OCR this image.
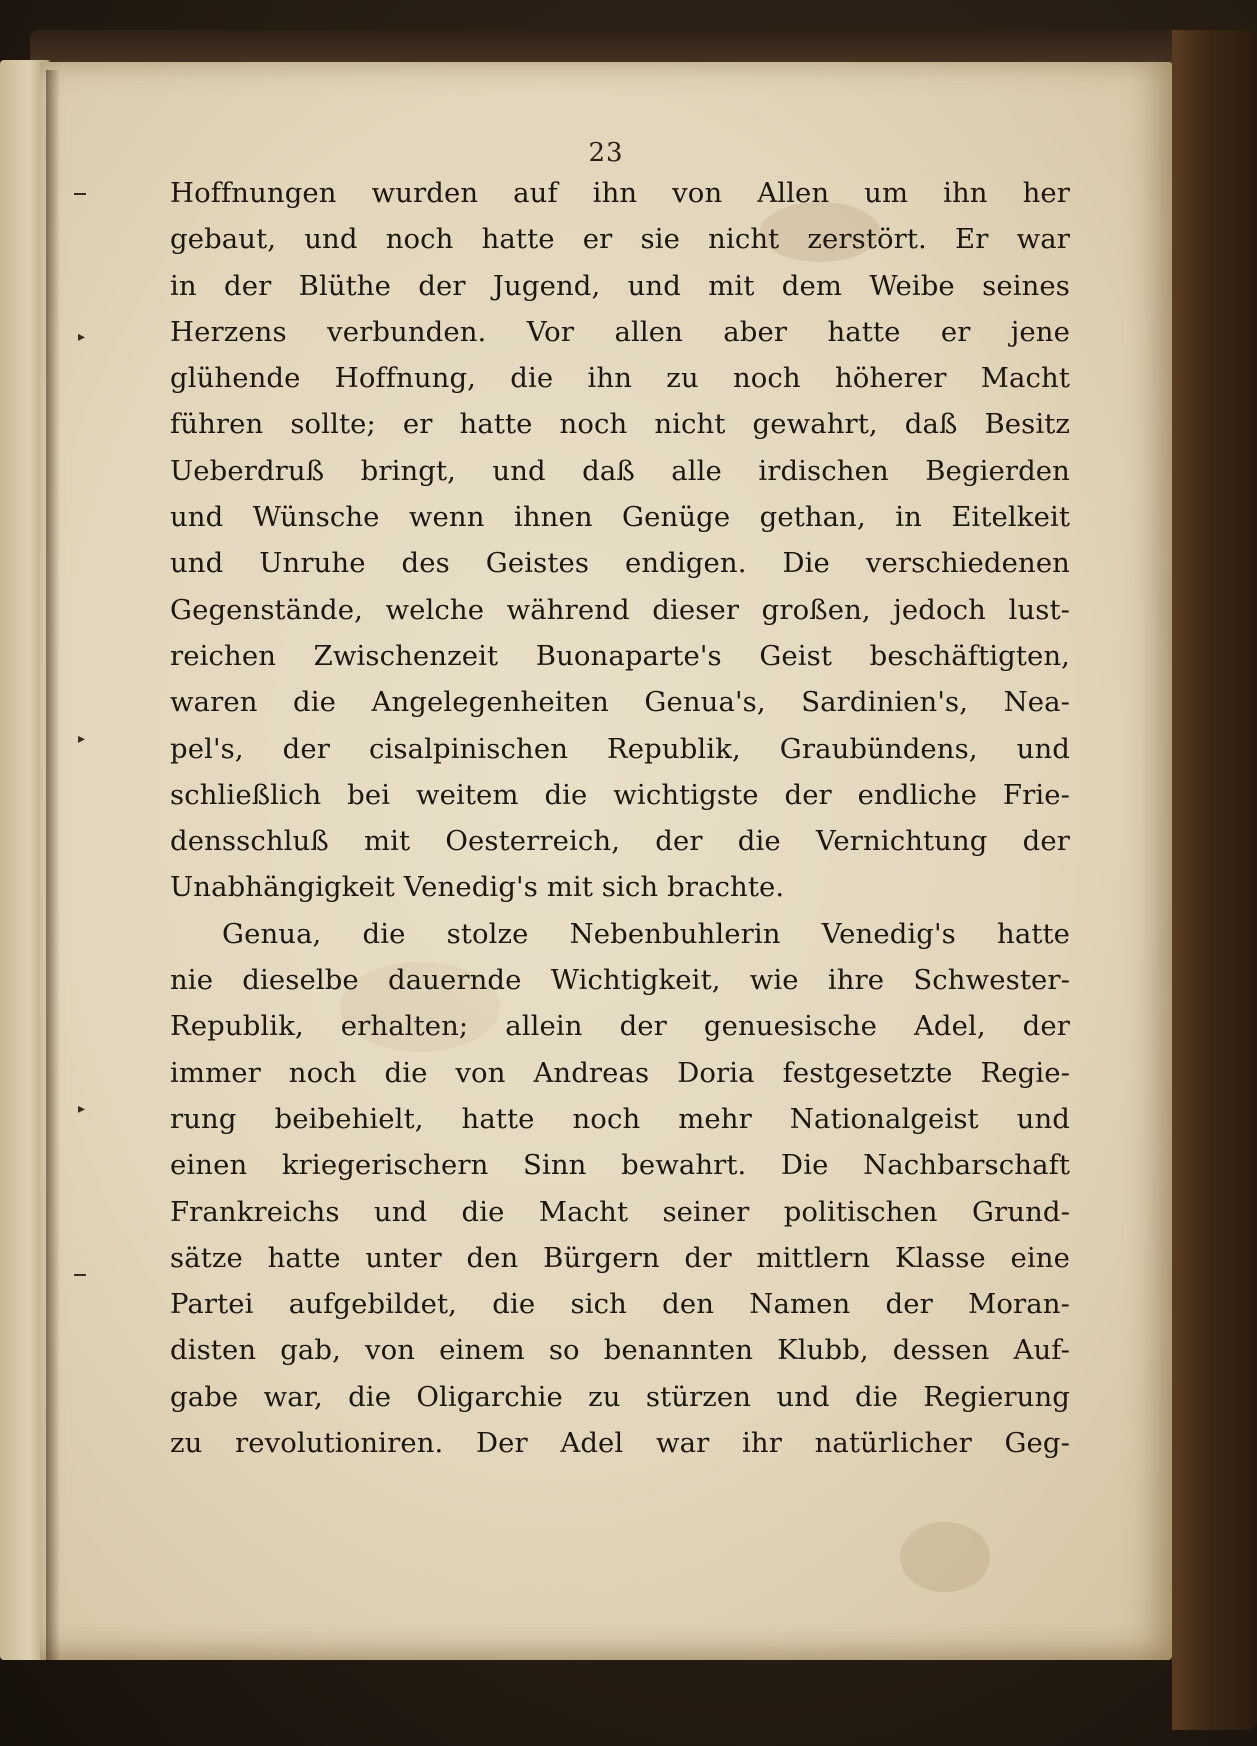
23
▸
▸
▸
Hoffnungen wurden auf ihn von Allen um ihn her
gebaut, und noch hatte er sie nicht zerstört. Er war
in der Blüthe der Jugend, und mit dem Weibe seines
Herzens verbunden. Vor allen aber hatte er jene
glühende Hoffnung, die ihn zu noch höherer Macht
führen sollte; er hatte noch nicht gewahrt, daß Besitz
Ueberdruß bringt, und daß alle irdischen Begierden
und Wünsche wenn ihnen Genüge gethan, in Eitelkeit
und Unruhe des Geistes endigen. Die verschiedenen
Gegenstände, welche während dieser großen, jedoch lust-
reichen Zwischenzeit Buonaparte's Geist beschäftigten,
waren die Angelegenheiten Genua's, Sardinien's, Nea-
pel's, der cisalpinischen Republik, Graubündens, und
schließlich bei weitem die wichtigste der endliche Frie-
densschluß mit Oesterreich, der die Vernichtung der
Unabhängigkeit Venedig's mit sich brachte.
Genua, die stolze Nebenbuhlerin Venedig's hatte
nie dieselbe dauernde Wichtigkeit, wie ihre Schwester-
Republik, erhalten; allein der genuesische Adel, der
immer noch die von Andreas Doria festgesetzte Regie-
rung beibehielt, hatte noch mehr Nationalgeist und
einen kriegerischern Sinn bewahrt. Die Nachbarschaft
Frankreichs und die Macht seiner politischen Grund-
sätze hatte unter den Bürgern der mittlern Klasse eine
Partei aufgebildet, die sich den Namen der Moran-
disten gab, von einem so benannten Klubb, dessen Auf-
gabe war, die Oligarchie zu stürzen und die Regierung
zu revolutioniren. Der Adel war ihr natürlicher Geg-
